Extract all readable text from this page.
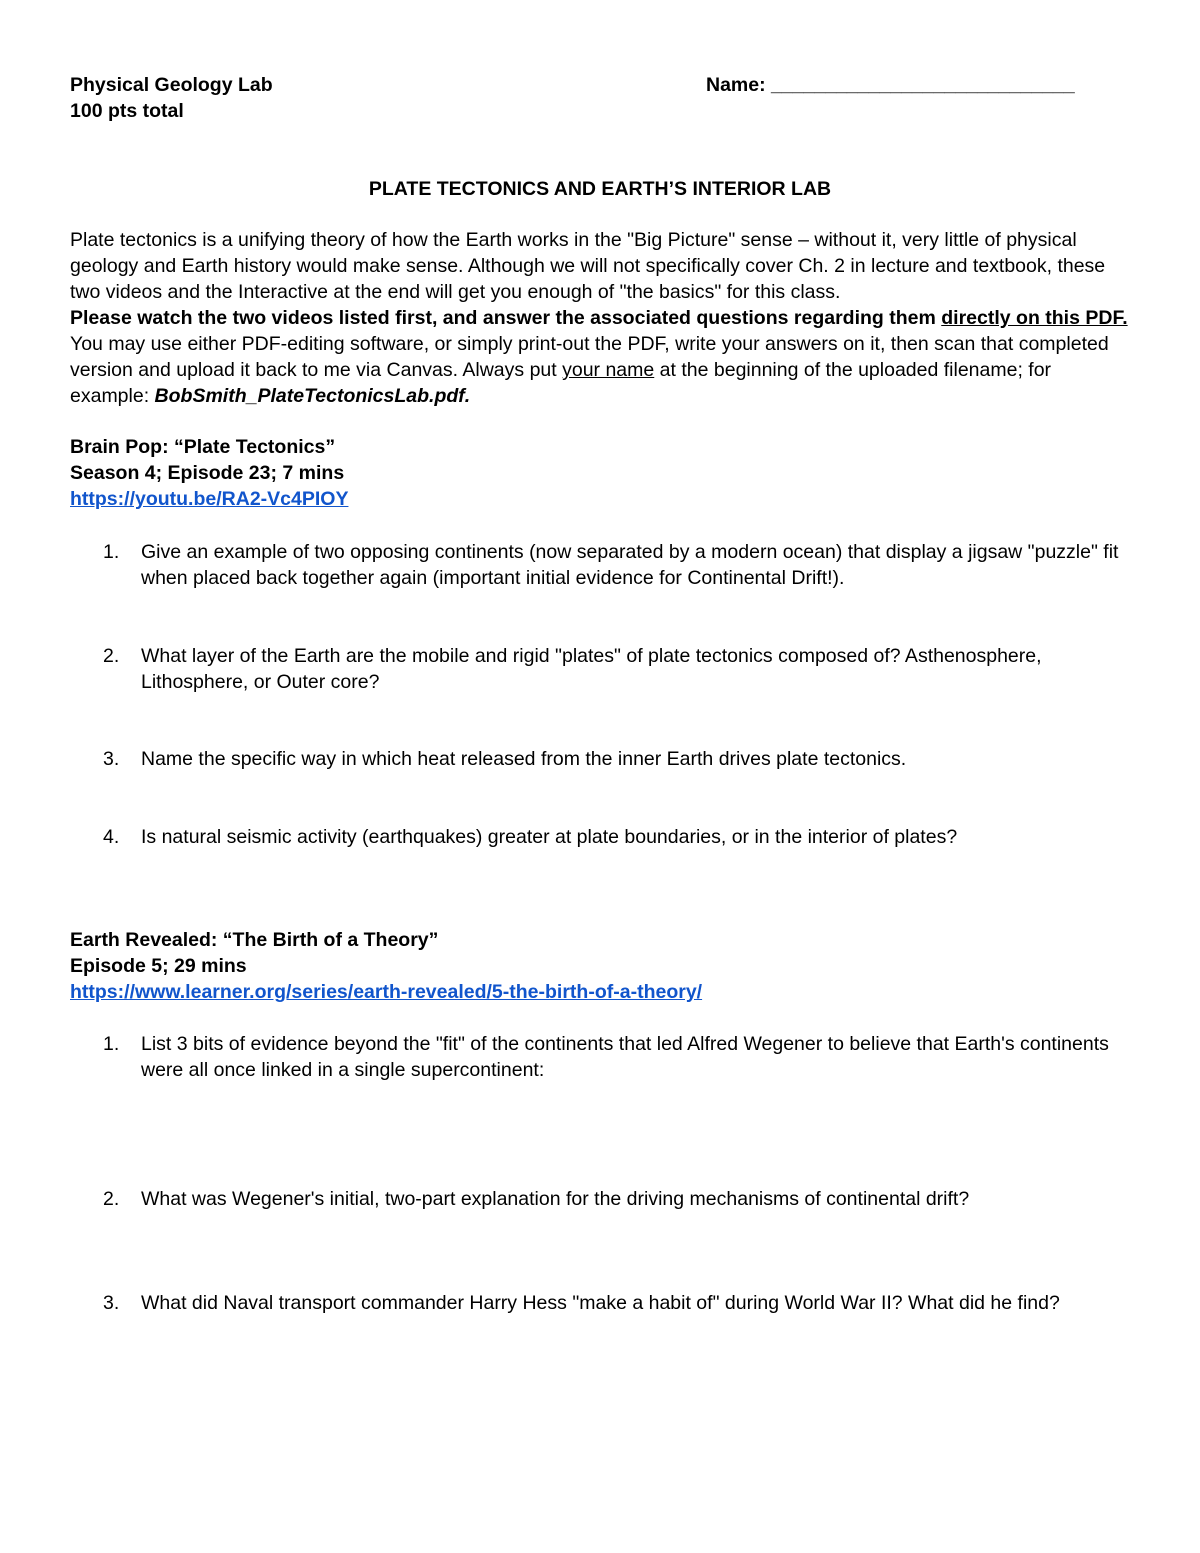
Physical Geology Lab
100 pts total
Name: ____________________________
PLATE TECTONICS AND EARTH’S INTERIOR LAB
Plate tectonics is a unifying theory of how the Earth works in the "Big Picture" sense – without it, very little of physical geology and Earth history would make sense. Although we will not specifically cover Ch. 2 in lecture and textbook, these two videos and the Interactive at the end will get you enough of "the basics" for this class.
Please watch the two videos listed first, and answer the associated questions regarding them directly on this PDF. You may use either PDF-editing software, or simply print-out the PDF, write your answers on it, then scan that completed version and upload it back to me via Canvas. Always put your name at the beginning of the uploaded filename; for example: BobSmith_PlateTectonicsLab.pdf.
Brain Pop: “Plate Tectonics”
Season 4; Episode 23; 7 mins
https://youtu.be/RA2-Vc4PIOY
1.	Give an example of two opposing continents (now separated by a modern ocean) that display a jigsaw "puzzle" fit when placed back together again (important initial evidence for Continental Drift!).
2.	What layer of the Earth are the mobile and rigid "plates" of plate tectonics composed of? Asthenosphere, Lithosphere, or Outer core?
3.	Name the specific way in which heat released from the inner Earth drives plate tectonics.
4.	Is natural seismic activity (earthquakes) greater at plate boundaries, or in the interior of plates?
Earth Revealed: “The Birth of a Theory”
Episode 5; 29 mins
https://www.learner.org/series/earth-revealed/5-the-birth-of-a-theory/
1.	List 3 bits of evidence beyond the "fit" of the continents that led Alfred Wegener to believe that Earth's continents were all once linked in a single supercontinent:
2.	What was Wegener's initial, two-part explanation for the driving mechanisms of continental drift?
3.	What did Naval transport commander Harry Hess "make a habit of" during World War II? What did he find?
